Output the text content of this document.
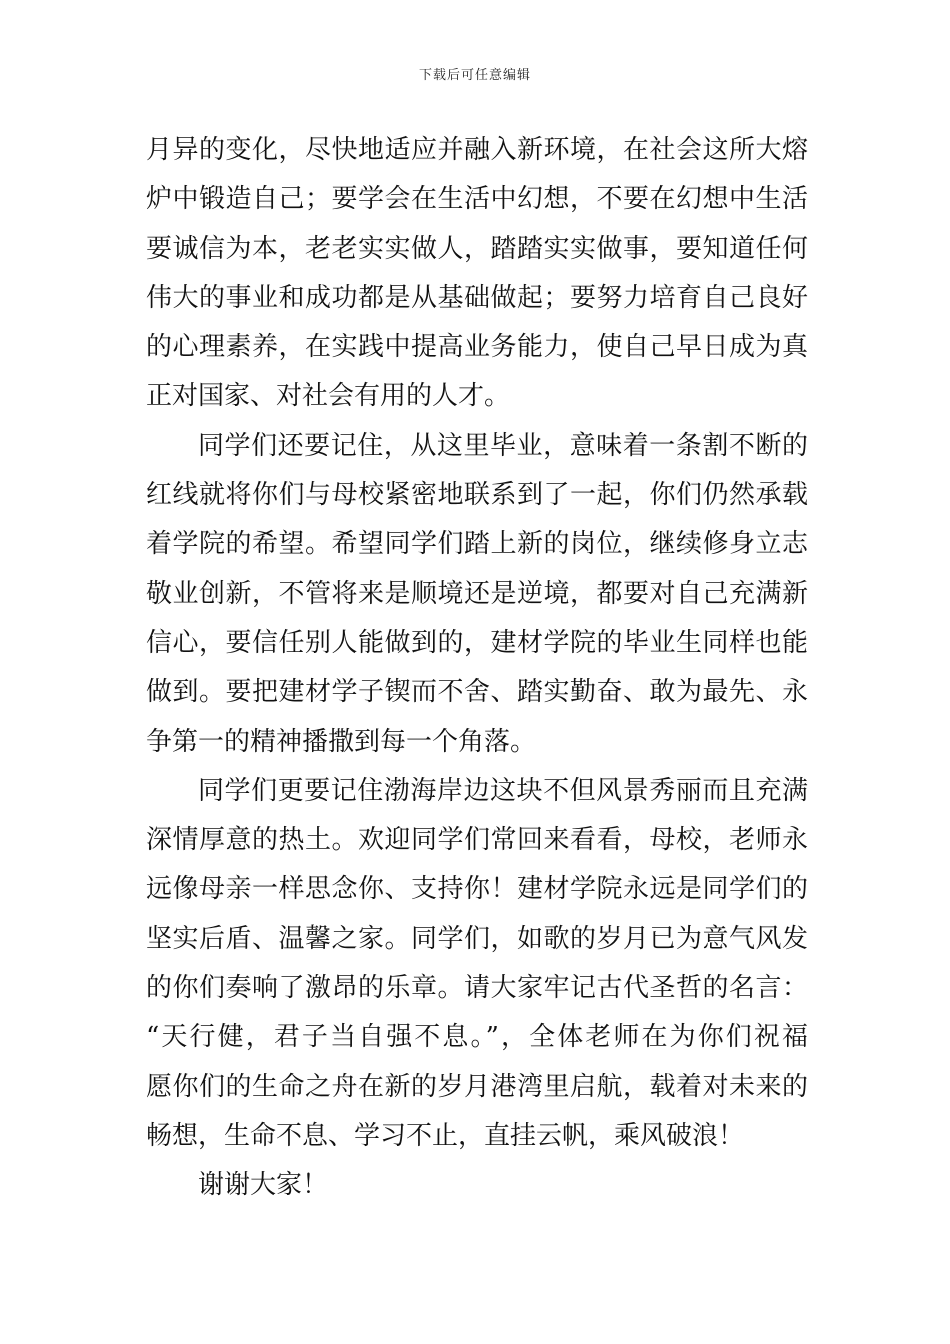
下载后可任意编辑
月异的变化，尽快地适应并融入新环境，在社会这所大熔
炉中锻造自己；要学会在生活中幻想，不要在幻想中生活
要诚信为本，老老实实做人，踏踏实实做事，要知道任何
伟大的事业和成功都是从基础做起；要努力培育自己良好
的心理素养，在实践中提高业务能力，使自己早日成为真
正对国家、对社会有用的人才。
同学们还要记住，从这里毕业，意味着一条割不断的
红线就将你们与母校紧密地联系到了一起，你们仍然承载
着学院的希望。希望同学们踏上新的岗位，继续修身立志
敬业创新，不管将来是顺境还是逆境，都要对自己充满新
信心，要信任别人能做到的，建材学院的毕业生同样也能
做到。要把建材学子锲而不舍、踏实勤奋、敢为最先、永
争第一的精神播撒到每一个角落。
同学们更要记住渤海岸边这块不但风景秀丽而且充满
深情厚意的热土。欢迎同学们常回来看看，母校，老师永
远像母亲一样思念你、支持你！建材学院永远是同学们的
坚实后盾、温馨之家。同学们，如歌的岁月已为意气风发
的你们奏响了激昂的乐章。请大家牢记古代圣哲的名言：
“天行健，君子当自强不息。”，全体老师在为你们祝福
愿你们的生命之舟在新的岁月港湾里启航，载着对未来的
畅想，生命不息、学习不止，直挂云帆，乘风破浪！
谢谢大家！
